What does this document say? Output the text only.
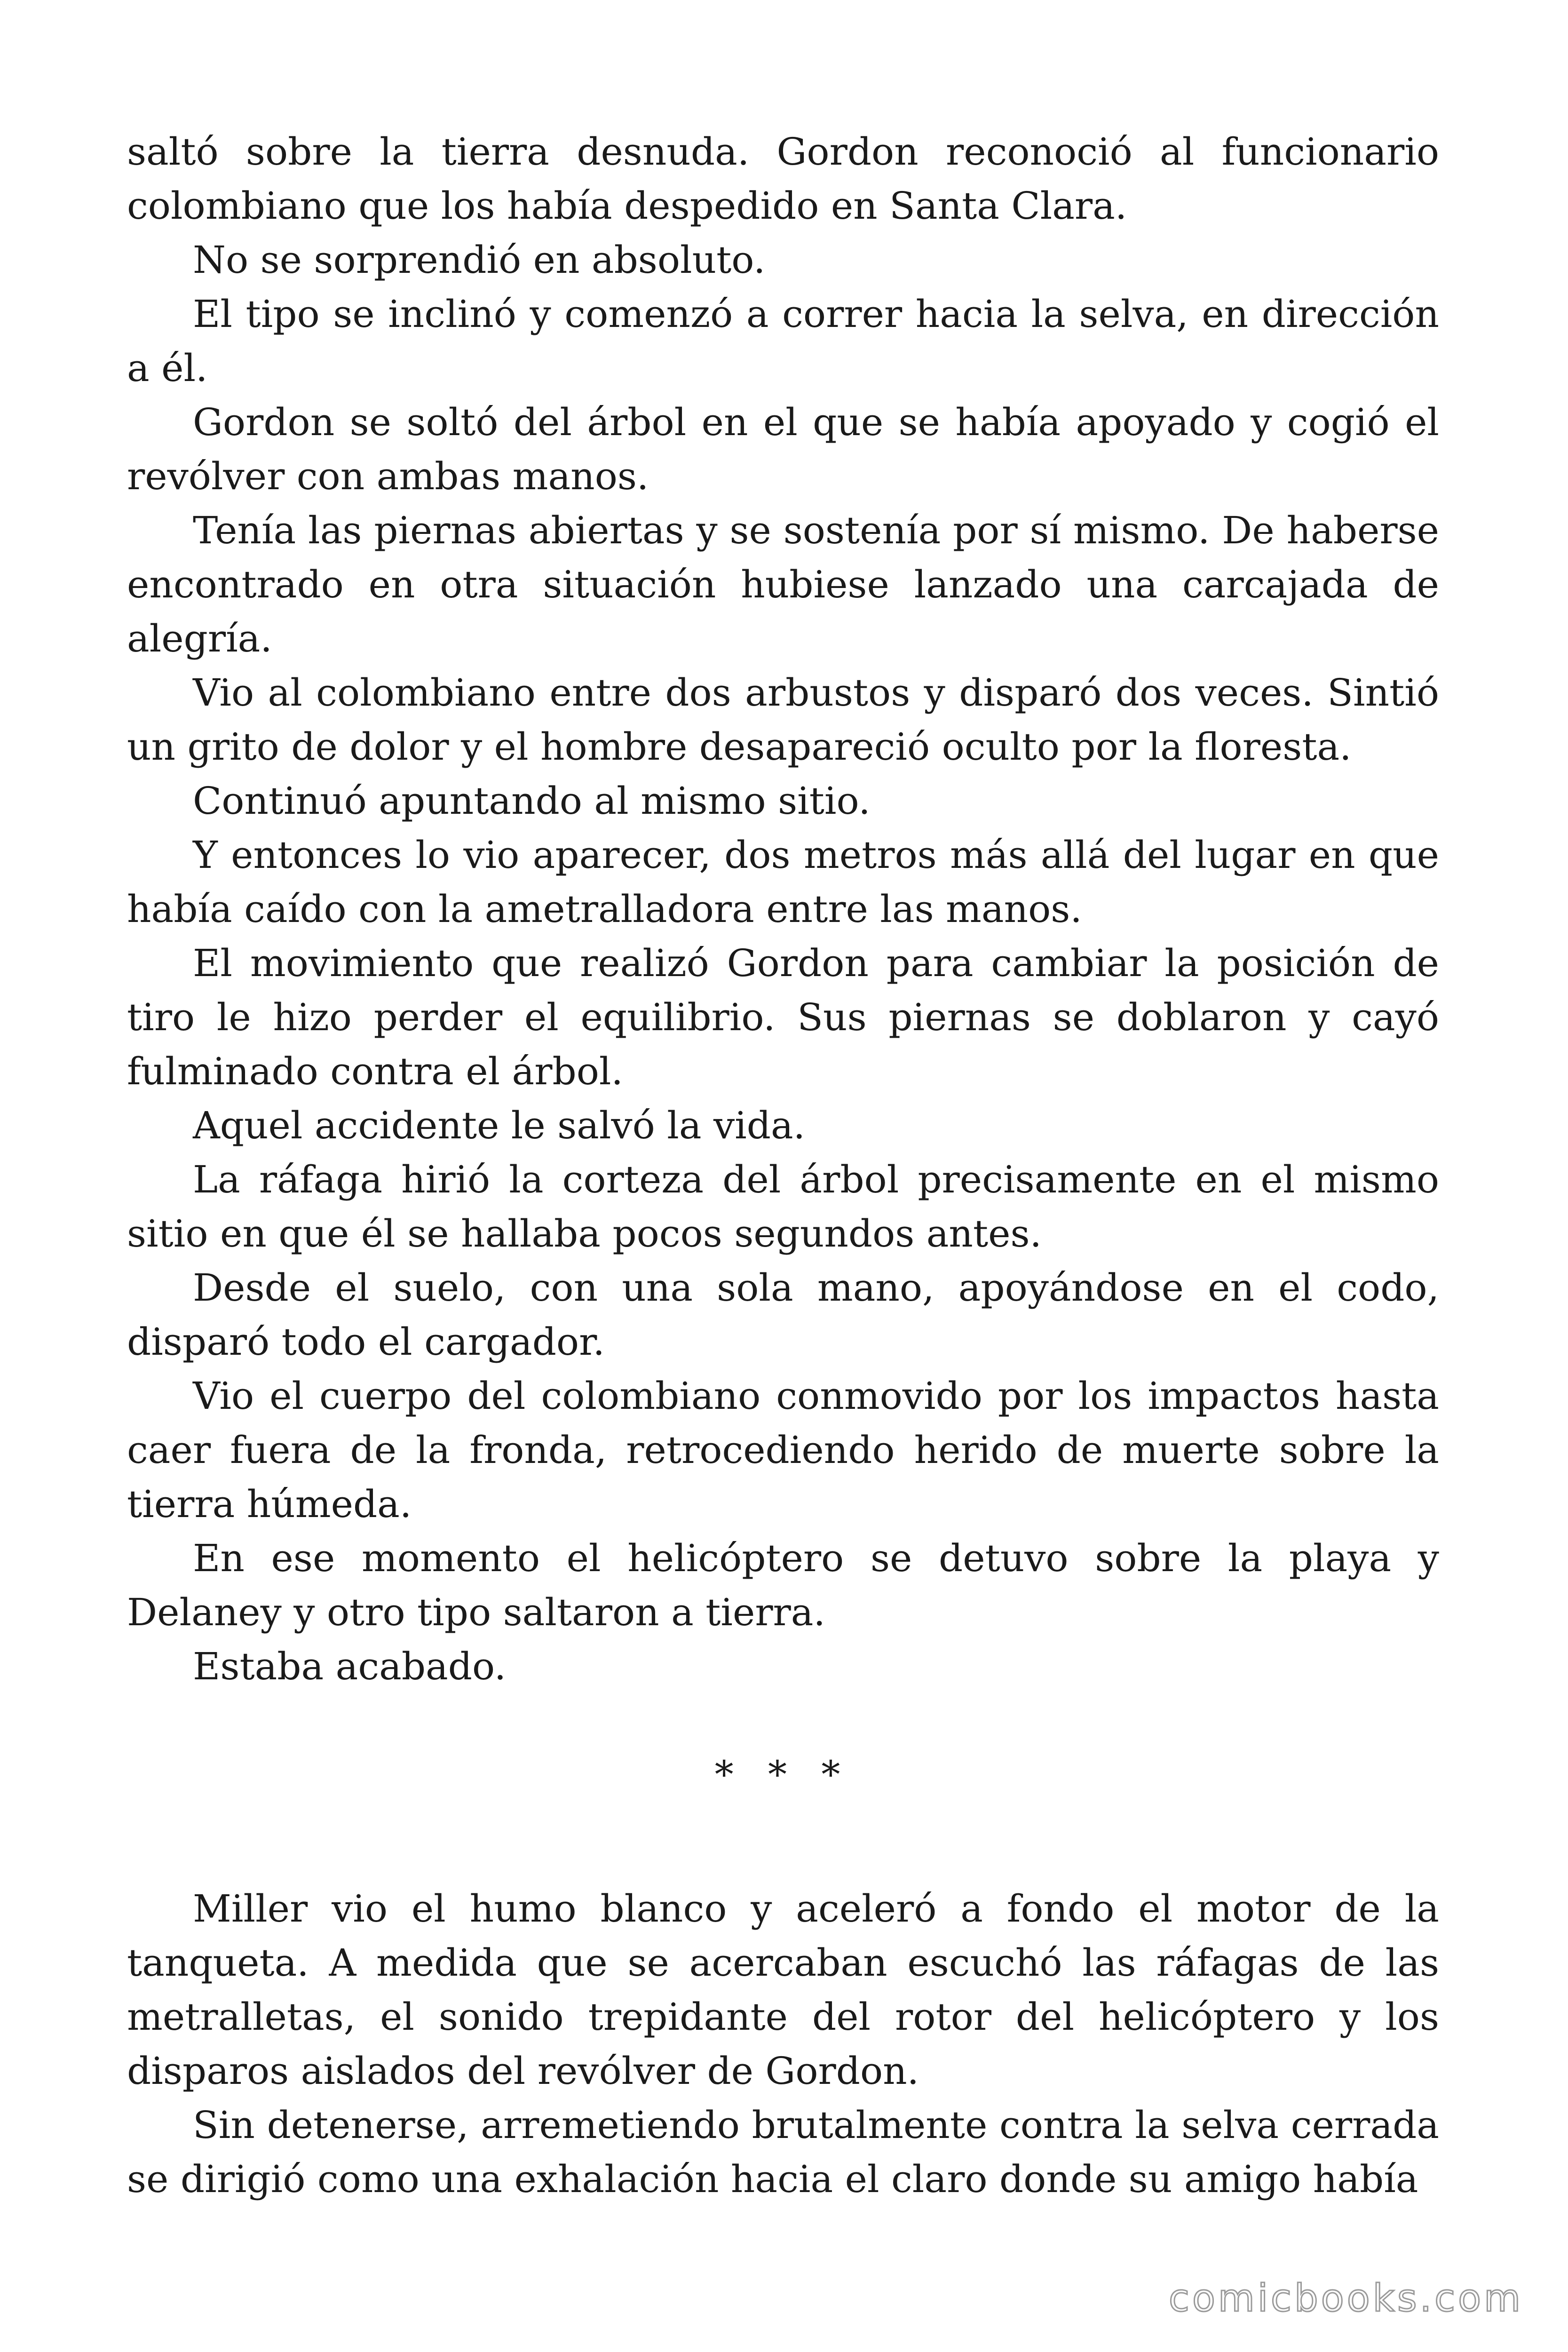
saltó sobre la tierra desnuda. Gordon reconoció al funcionario colombiano que los había despedido en Santa Clara.

No se sorprendió en absoluto.

El tipo se inclinó y comenzó a correr hacia la selva, en dirección a él.

Gordon se soltó del árbol en el que se había apoyado y cogió el revólver con ambas manos.

Tenía las piernas abiertas y se sostenía por sí mismo. De haberse encontrado en otra situación hubiese lanzado una carcajada de alegría.

Vio al colombiano entre dos arbustos y disparó dos veces. Sintió un grito de dolor y el hombre desapareció oculto por la floresta.

Continuó apuntando al mismo sitio.

Y entonces lo vio aparecer, dos metros más allá del lugar en que había caído con la ametralladora entre las manos.

El movimiento que realizó Gordon para cambiar la posición de tiro le hizo perder el equilibrio. Sus piernas se doblaron y cayó fulminado contra el árbol.

Aquel accidente le salvó la vida.

La ráfaga hirió la corteza del árbol precisamente en el mismo sitio en que él se hallaba pocos segundos antes.

Desde el suelo, con una sola mano, apoyándose en el codo, disparó todo el cargador.

Vio el cuerpo del colombiano conmovido por los impactos hasta caer fuera de la fronda, retrocediendo herido de muerte sobre la tierra húmeda.

En ese momento el helicóptero se detuvo sobre la playa y Delaney y otro tipo saltaron a tierra.

Estaba acabado.

* * *

Miller vio el humo blanco y aceleró a fondo el motor de la tanqueta. A medida que se acercaban escuchó las ráfagas de las metralletas, el sonido trepidante del rotor del helicóptero y los disparos aislados del revólver de Gordon.

Sin detenerse, arremetiendo brutalmente contra la selva cerrada se dirigió como una exhalación hacia el claro donde su amigo había

comicbooks.com
